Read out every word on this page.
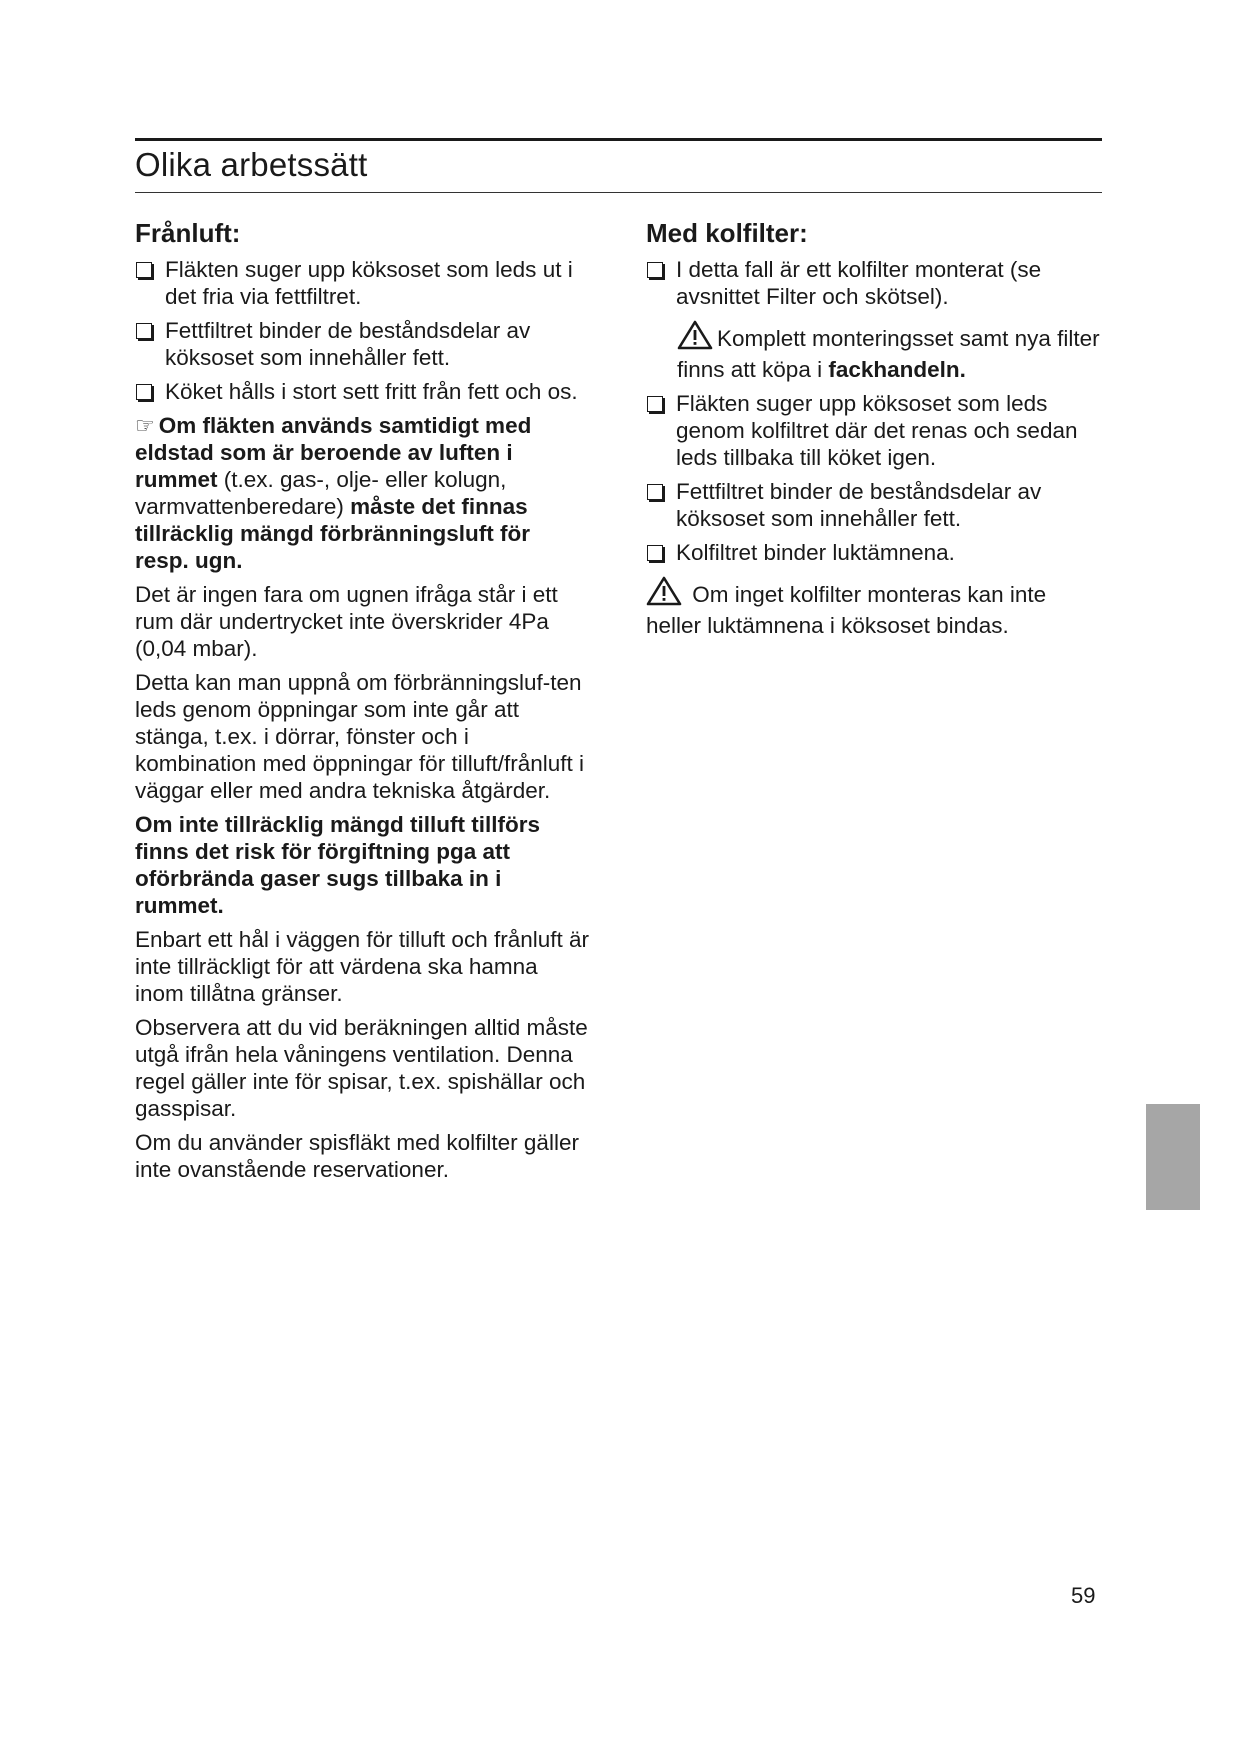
Olika arbetssätt
Frånluft:
Fläkten suger upp köksoset som leds ut i det fria via fettfiltret.
Fettfiltret binder de beståndsdelar av köksoset som innehåller fett.
Köket hålls i stort sett fritt från fett och os.

☞ Om fläkten används samtidigt med eldstad som är beroende av luften i rummet (t.ex. gas-, olje- eller kolugn, varmvattenberedare) måste det finnas tillräcklig mängd förbränningsluft för resp. ugn.

Det är ingen fara om ugnen ifråga står i ett rum där undertrycket inte överskrider 4Pa (0,04 mbar).

Detta kan man uppnå om förbränningsluf-ten leds genom öppningar som inte går att stänga, t.ex. i dörrar, fönster och i kombination med öppningar för tilluft/frånluft i väggar eller med andra tekniska åtgärder.

Om inte tillräcklig mängd tilluft tillförs finns det risk för förgiftning pga att oförbrända gaser sugs tillbaka in i rummet.

Enbart ett hål i väggen för tilluft och frånluft är inte tillräckligt för att värdena ska hamna inom tillåtna gränser.

Observera att du vid beräkningen alltid måste utgå ifrån hela våningens ventilation. Denna regel gäller inte för spisar, t.ex. spishällar och gasspisar.

Om du använder spisfläkt med kolfilter gäller inte ovanstående reservationer.

Med kolfilter:
I detta fall är ett kolfilter monterat (se avsnittet Filter och skötsel).
Komplett monteringsset samt nya filter finns att köpa i fackhandeln.
Fläkten suger upp köksoset som leds genom kolfiltret där det renas och sedan leds tillbaka till köket igen.
Fettfiltret binder de beståndsdelar av köksoset som innehåller fett.
Kolfiltret binder luktämnena.
Om inget kolfilter monteras kan inte heller luktämnena i köksoset bindas.
59
